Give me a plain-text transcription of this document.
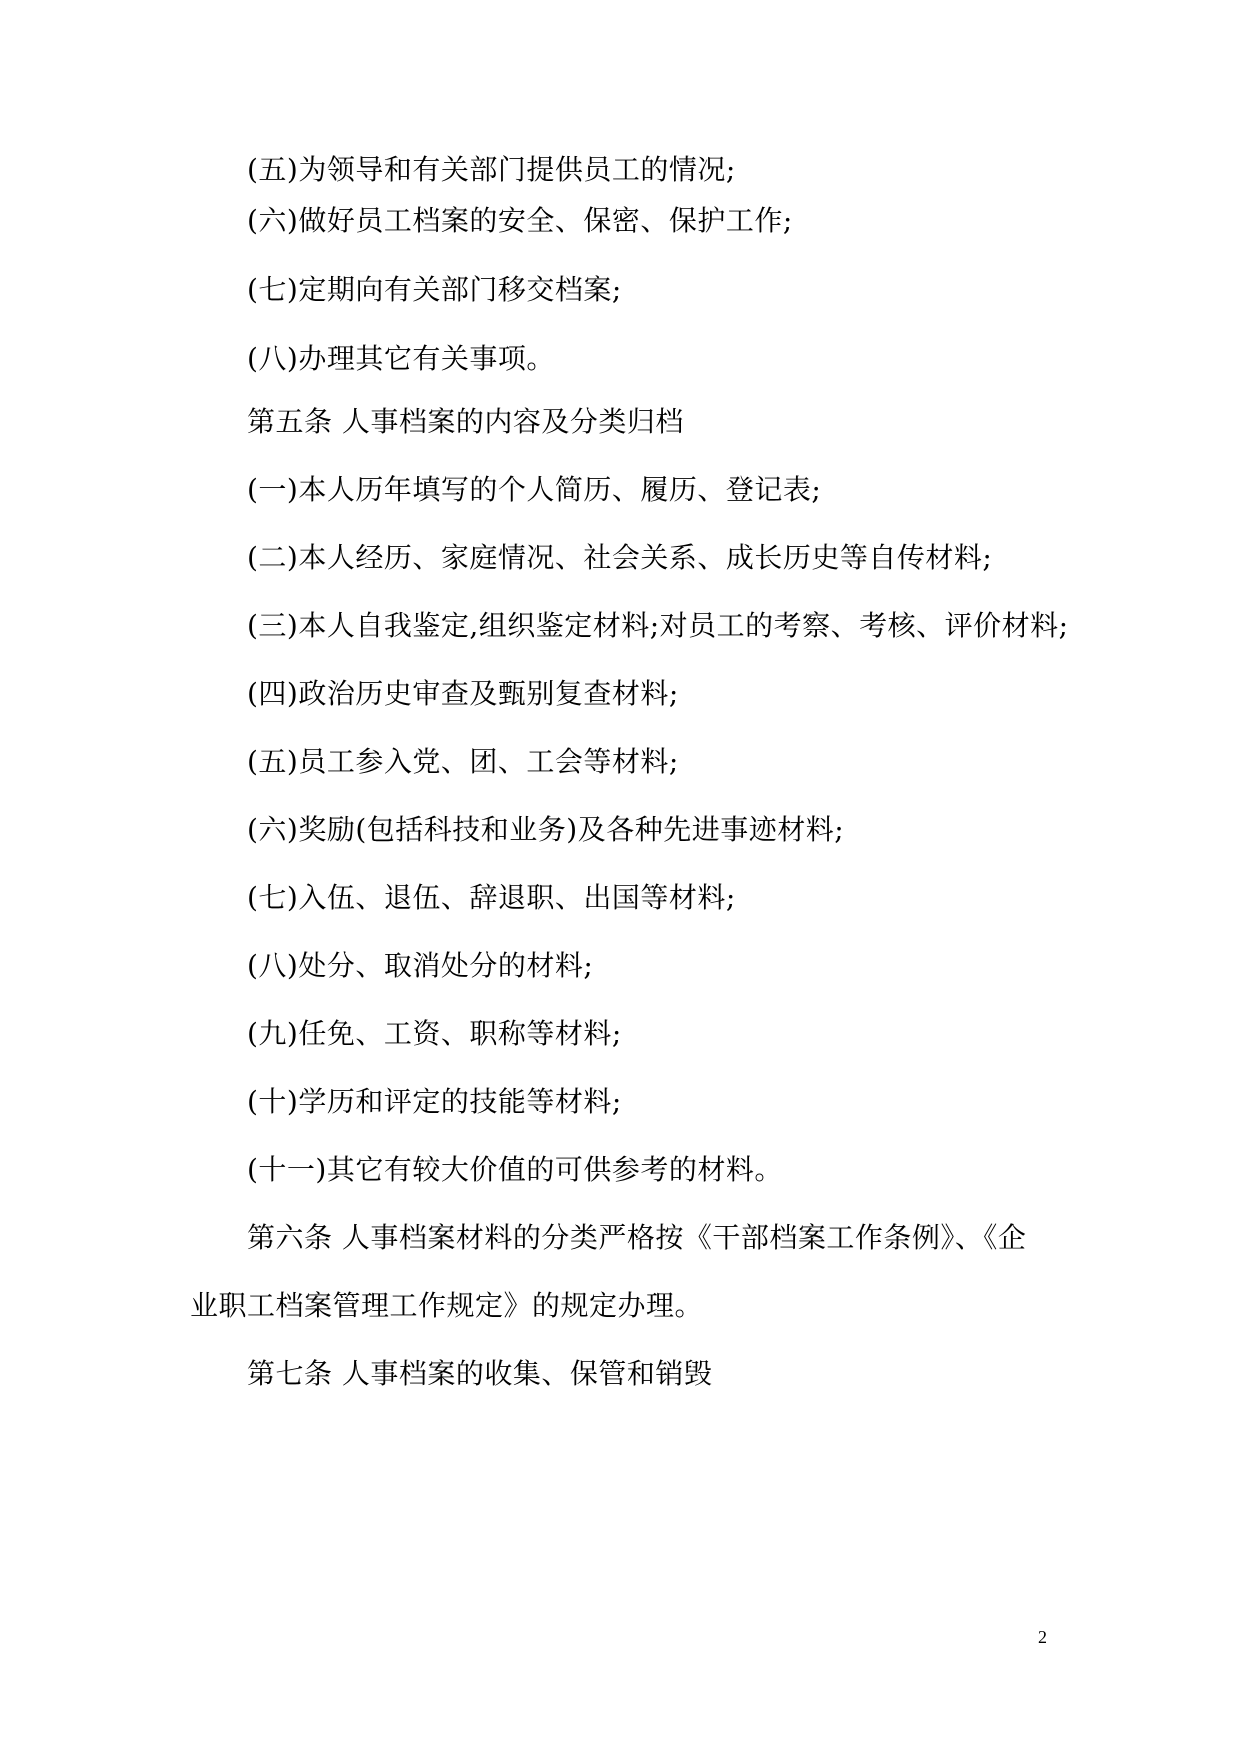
(五)为领导和有关部门提供员工的情况;
(六)做好员工档案的安全、保密、保护工作;
(七)定期向有关部门移交档案;
(八)办理其它有关事项。
第五条 人事档案的内容及分类归档
(一)本人历年填写的个人简历、履历、登记表;
(二)本人经历、家庭情况、社会关系、成长历史等自传材料;
(三)本人自我鉴定,组织鉴定材料;对员工的考察、考核、评价材料;
(四)政治历史审查及甄别复查材料;
(五)员工参入党、团、工会等材料;
(六)奖励(包括科技和业务)及各种先进事迹材料;
(七)入伍、退伍、辞退职、出国等材料;
(八)处分、取消处分的材料;
(九)任免、工资、职称等材料;
(十)学历和评定的技能等材料;
(十一)其它有较大价值的可供参考的材料。
第六条 人事档案材料的分类严格按《干部档案工作条例》、《企
业职工档案管理工作规定》的规定办理。
第七条 人事档案的收集、保管和销毁
2
